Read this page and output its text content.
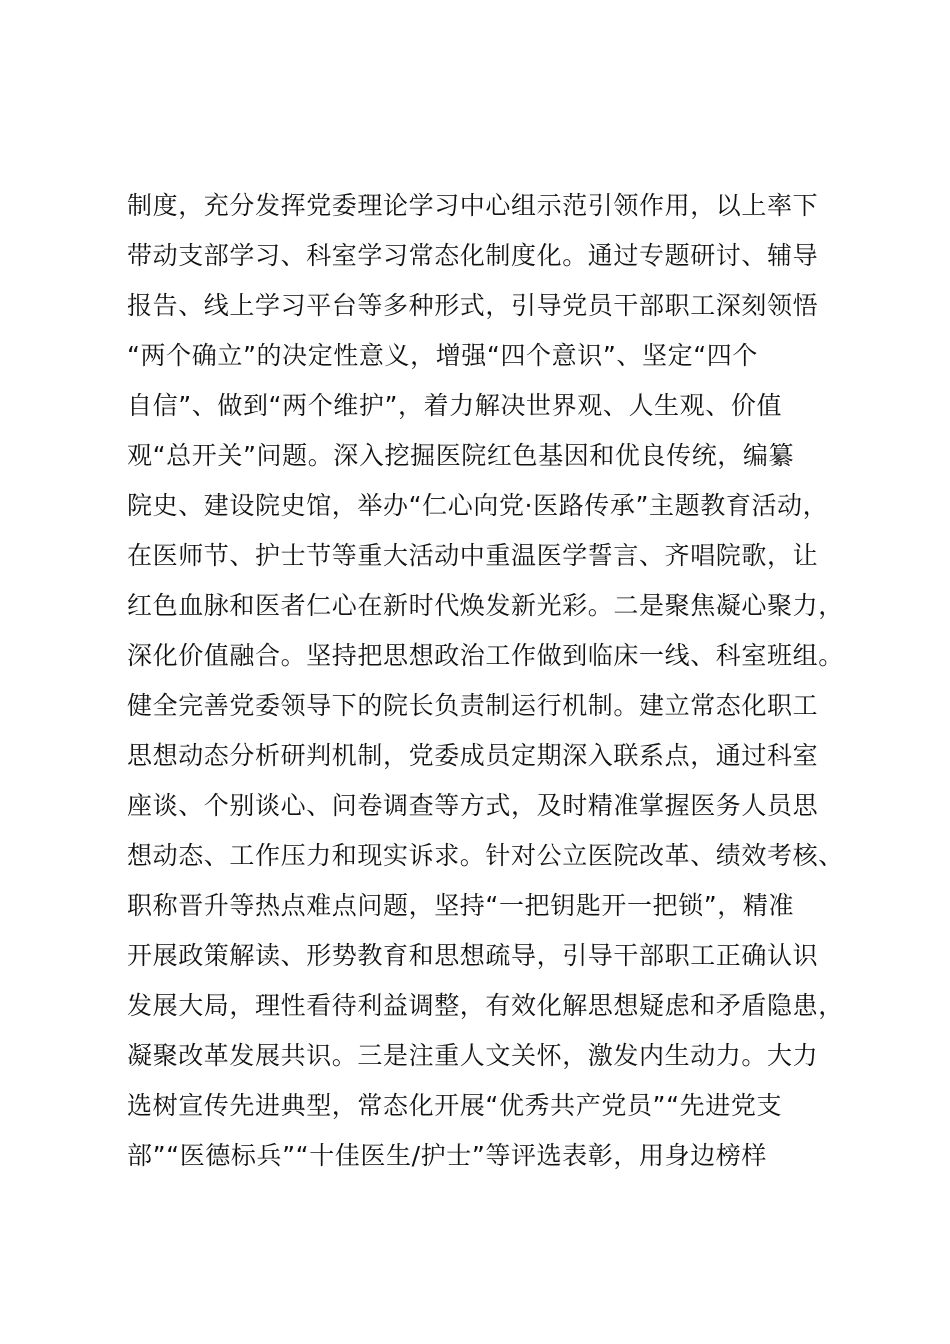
制度，充分发挥党委理论学习中心组示范引领作用，以上率下
带动支部学习、科室学习常态化制度化。通过专题研讨、辅导
报告、线上学习平台等多种形式，引导党员干部职工深刻领悟
“两个确立”的决定性意义，增强“四个意识”、坚定“四个
自信”、做到“两个维护”，着力解决世界观、人生观、价值
观“总开关”问题。深入挖掘医院红色基因和优良传统，编纂
院史、建设院史馆，举办“仁心向党·医路传承”主题教育活动，
在医师节、护士节等重大活动中重温医学誓言、齐唱院歌，让
红色血脉和医者仁心在新时代焕发新光彩。二是聚焦凝心聚力，
深化价值融合。坚持把思想政治工作做到临床一线、科室班组。
健全完善党委领导下的院长负责制运行机制。建立常态化职工
思想动态分析研判机制，党委成员定期深入联系点，通过科室
座谈、个别谈心、问卷调查等方式，及时精准掌握医务人员思
想动态、工作压力和现实诉求。针对公立医院改革、绩效考核、
职称晋升等热点难点问题，坚持“一把钥匙开一把锁”，精准
开展政策解读、形势教育和思想疏导，引导干部职工正确认识
发展大局，理性看待利益调整，有效化解思想疑虑和矛盾隐患，
凝聚改革发展共识。三是注重人文关怀，激发内生动力。大力
选树宣传先进典型，常态化开展“优秀共产党员”“先进党支
部”“医德标兵”“十佳医生/护士”等评选表彰，用身边榜样
